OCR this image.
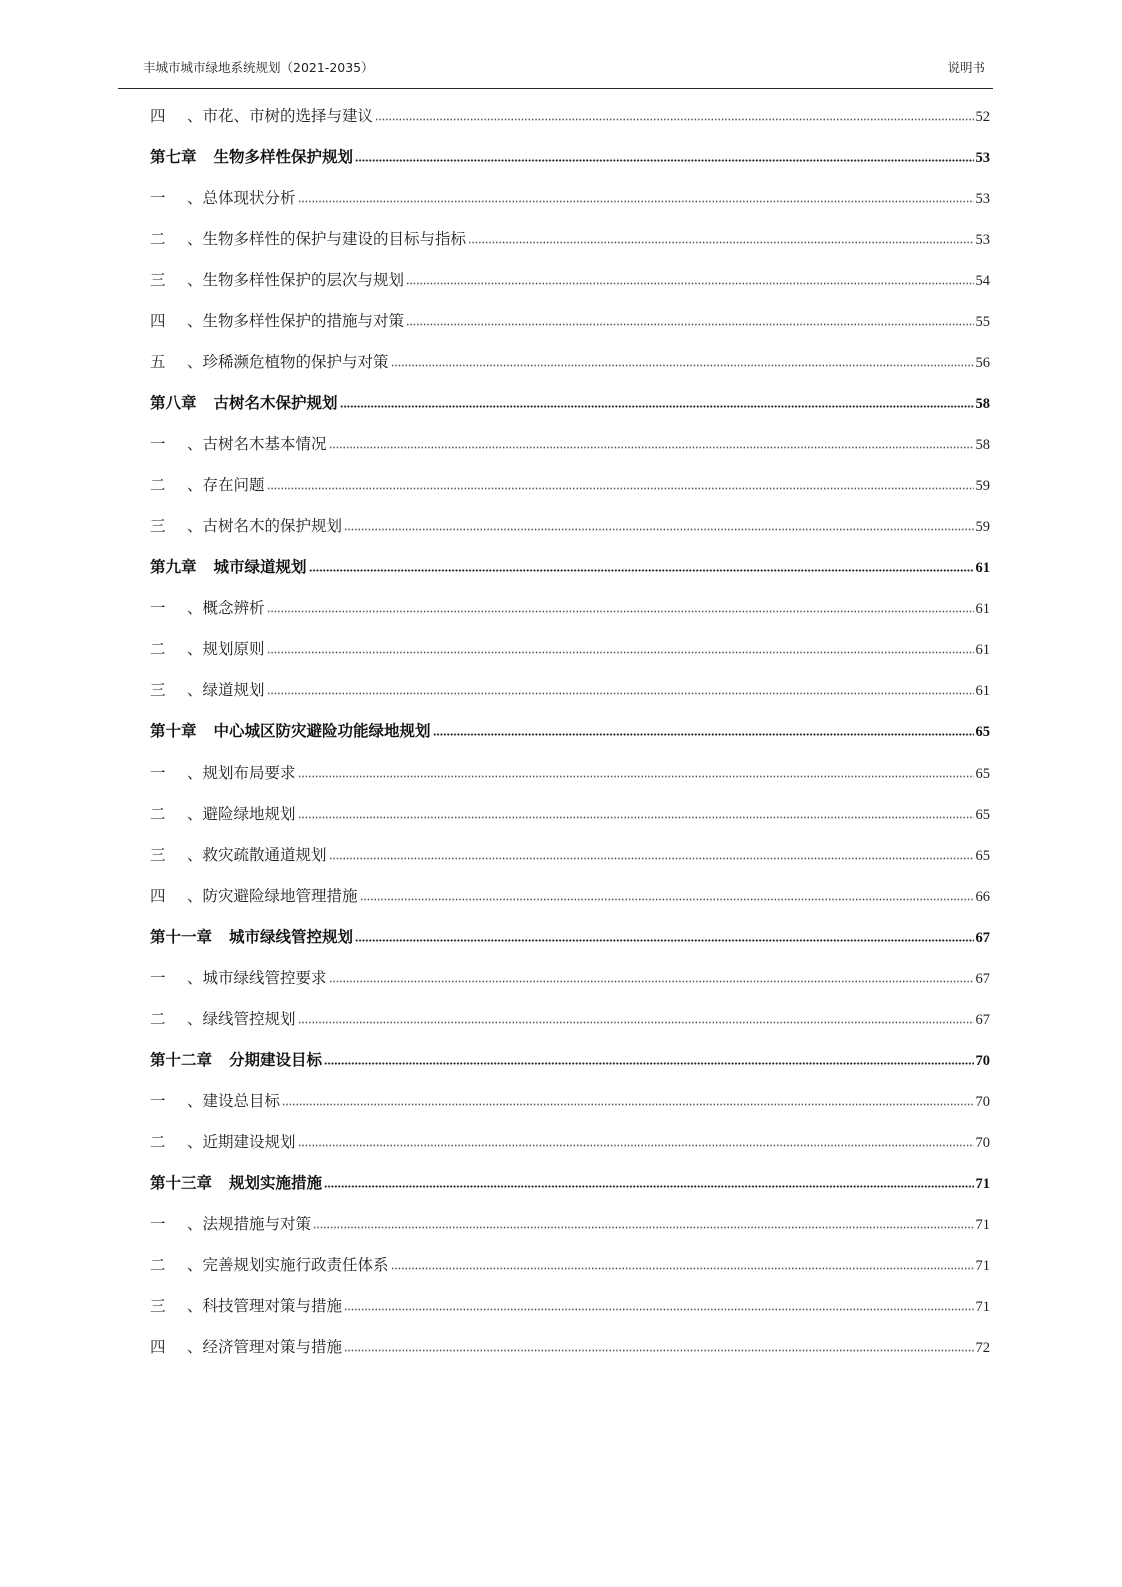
丰城市城市绿地系统规划（2021-2035）	说明书
四	、市花、市树的选择与建议	52
第七章 生物多样性保护规划	53
一	、总体现状分析	53
二	、生物多样性的保护与建设的目标与指标	53
三	、生物多样性保护的层次与规划	54
四	、生物多样性保护的措施与对策	55
五	、珍稀濒危植物的保护与对策	56
第八章 古树名木保护规划	58
一	、古树名木基本情况	58
二	、存在问题	59
三	、古树名木的保护规划	59
第九章 城市绿道规划	61
一	、概念辨析	61
二	、规划原则	61
三	、绿道规划	61
第十章 中心城区防灾避险功能绿地规划	65
一	、规划布局要求	65
二	、避险绿地规划	65
三	、救灾疏散通道规划	65
四	、防灾避险绿地管理措施	66
第十一章 城市绿线管控规划	67
一	、城市绿线管控要求	67
二	、绿线管控规划	67
第十二章 分期建设目标	70
一	、建设总目标	70
二	、近期建设规划	70
第十三章 规划实施措施	71
一	、法规措施与对策	71
二	、完善规划实施行政责任体系	71
三	、科技管理对策与措施	71
四	、经济管理对策与措施	72
